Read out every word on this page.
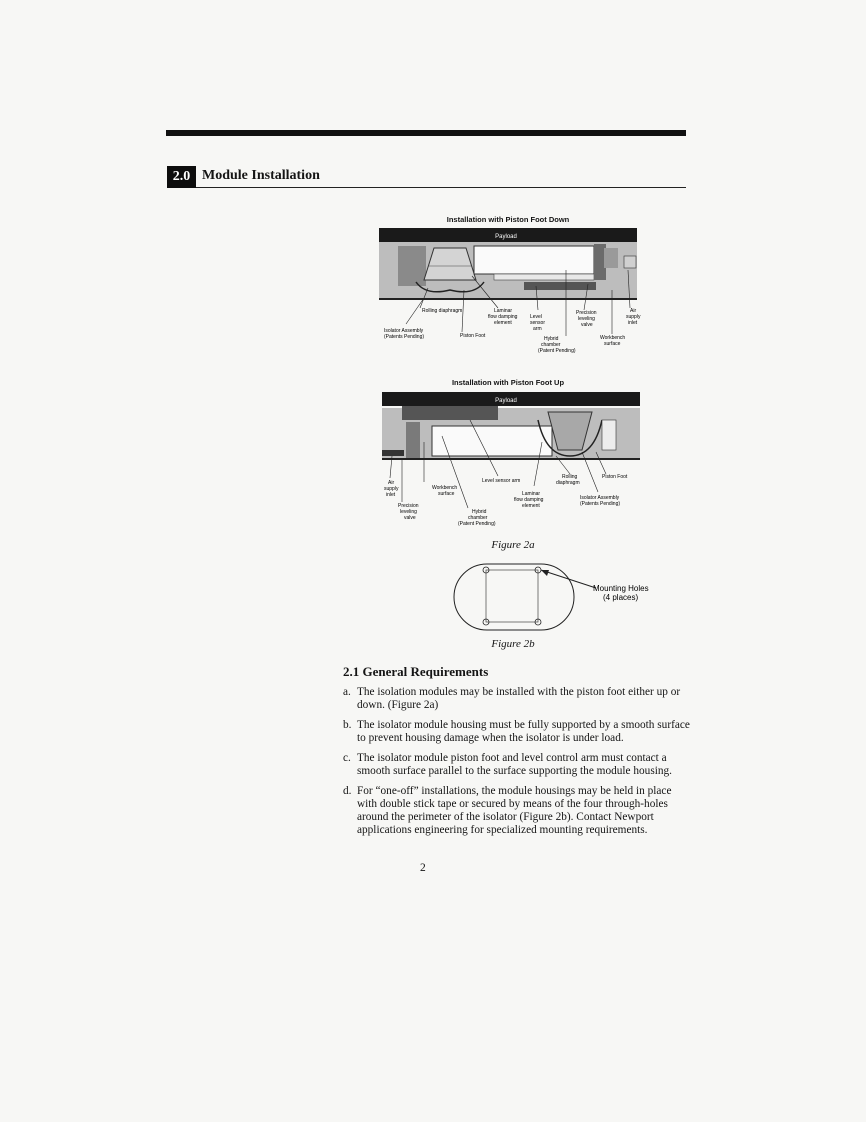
2.0 Module Installation
Installation with Piston Foot Down
Payload
Rolling diaphragm	Laminar
flow damping
element
Level
sensor
arm
Precision
leveling
valve
Air
supply
inlet
Isolator Assembly
(Patents Pending)	Piston Foot	Hybrid
chamber
(Patent Pending)
Workbench
surface
Installation with Piston Foot Up
Payload
Air
supply
inlet
Workbench
surface
Level sensor arm
Rolling
diaphragm
Piston Foot
Precision
leveling
valve
Hybrid
chamber
(Patent Pending)
Laminar
flow damping
element
Isolator Assembly
(Patents Pending)
Figure 2a
Mounting Holes
(4 places)
Figure 2b
2.1 General Requirements
a. The isolation modules may be installed with the piston foot either up or down. (Figure 2a)
b. The isolator module housing must be fully supported by a smooth surface to prevent housing damage when the isolator is under load.
c. The isolator module piston foot and level control arm must contact a smooth surface parallel to the surface supporting the module housing.
d. For “one-off” installations, the module housings may be held in place with double stick tape or secured by means of the four through-holes around the perimeter of the isolator (Figure 2b). Contact Newport applications engineering for specialized mounting requirements.
2
